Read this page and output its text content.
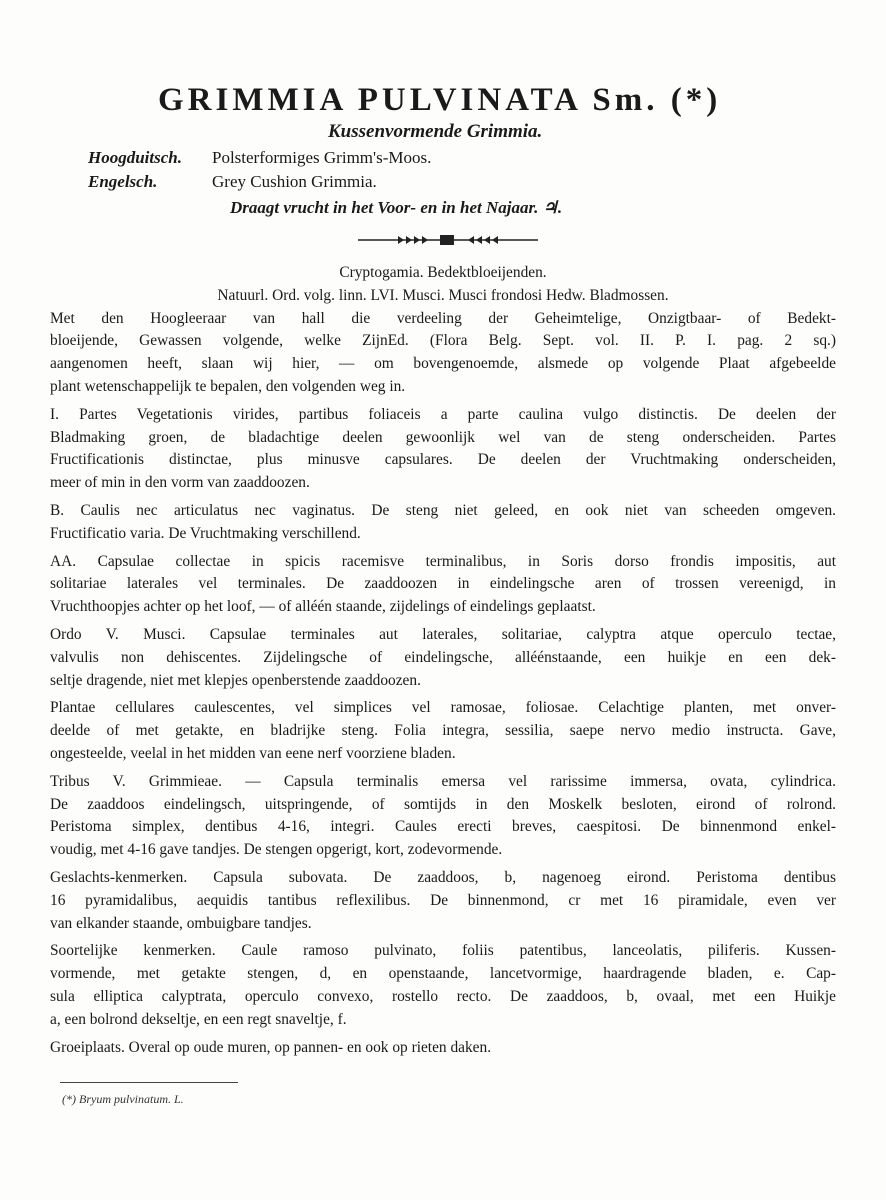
GRIMMIA PULVINATA Sm. (*)
Kussenvormende Grimmia.
Hoogduitsch. Polsterformiges Grimm's-Moos.
Engelsch.	Grey Cushion Grimmia.
Draagt vrucht in het Voor- en in het Najaar. ♃.
Cryptogamia. Bedektbloeijenden.
Natuurl. Ord. volg. linn. LVI. Musci. Musci frondosi Hedw. Bladmossen.
Met den Hoogleeraar van hall die verdeeling der Geheimtelige, Onzigtbaar- of Bedekt-
bloeijende, Gewassen volgende, welke ZijnEd. (Flora Belg. Sept. vol. II. P. I. pag. 2 sq.)
aangenomen heeft, slaan wij hier, — om bovengenoemde, alsmede op volgende Plaat afgebeelde
plant wetenschappelijk te bepalen, den volgenden weg in.
I. Partes Vegetationis virides, partibus foliaceis a parte caulina vulgo distinctis. De deelen der
Bladmaking groen, de bladachtige deelen gewoonlijk wel van de steng onderscheiden. Partes
Fructificationis distinctae, plus minusve capsulares. De deelen der Vruchtmaking onderscheiden,
meer of min in den vorm van zaaddoozen.
B. Caulis nec articulatus nec vaginatus. De steng niet geleed, en ook niet van scheeden omgeven.
Fructificatio varia. De Vruchtmaking verschillend.
AA. Capsulae collectae in spicis racemisve terminalibus, in Soris dorso frondis impositis, aut
solitariae laterales vel terminales. De zaaddoozen in eindelingsche aren of trossen vereenigd, in
Vruchthoopjes achter op het loof, — of alléén staande, zijdelings of eindelings geplaatst.
Ordo V. Musci. Capsulae terminales aut laterales, solitariae, calyptra atque operculo tectae,
valvulis non dehiscentes. Zijdelingsche of eindelingsche, alléénstaande, een huikje en een dek-
seltje dragende, niet met klepjes openberstende zaaddoozen.
Plantae cellulares caulescentes, vel simplices vel ramosae, foliosae. Celachtige planten, met onver-
deelde of met getakte, en bladrijke steng. Folia integra, sessilia, saepe nervo medio instructa. Gave,
ongesteelde, veelal in het midden van eene nerf voorziene bladen.
Tribus V. Grimmieae. — Capsula terminalis emersa vel rarissime immersa, ovata, cylindrica.
De zaaddoos eindelingsch, uitspringende, of somtijds in den Moskelk besloten, eirond of rolrond.
Peristoma simplex, dentibus 4-16, integri. Caules erecti breves, caespitosi. De binnenmond enkel-
voudig, met 4-16 gave tandjes. De stengen opgerigt, kort, zodevormende.
Geslachts-kenmerken. Capsula subovata. De zaaddoos, b, nagenoeg eirond. Peristoma dentibus
16 pyramidalibus, aequidis tantibus reflexilibus. De binnenmond, cr met 16 piramidale, even ver
van elkander staande, ombuigbare tandjes.
Soortelijke kenmerken. Caule ramoso pulvinato, foliis patentibus, lanceolatis, piliferis. Kussen-
vormende, met getakte stengen, d, en openstaande, lancetvormige, haardragende bladen, e. Cap-
sula elliptica calyptrata, operculo convexo, rostello recto. De zaaddoos, b, ovaal, met een Huikje
a, een bolrond dekseltje, en een regt snaveltje, f.
Groeiplaats. Overal op oude muren, op pannen- en ook op rieten daken.
(*) Bryum pulvinatum. L.
